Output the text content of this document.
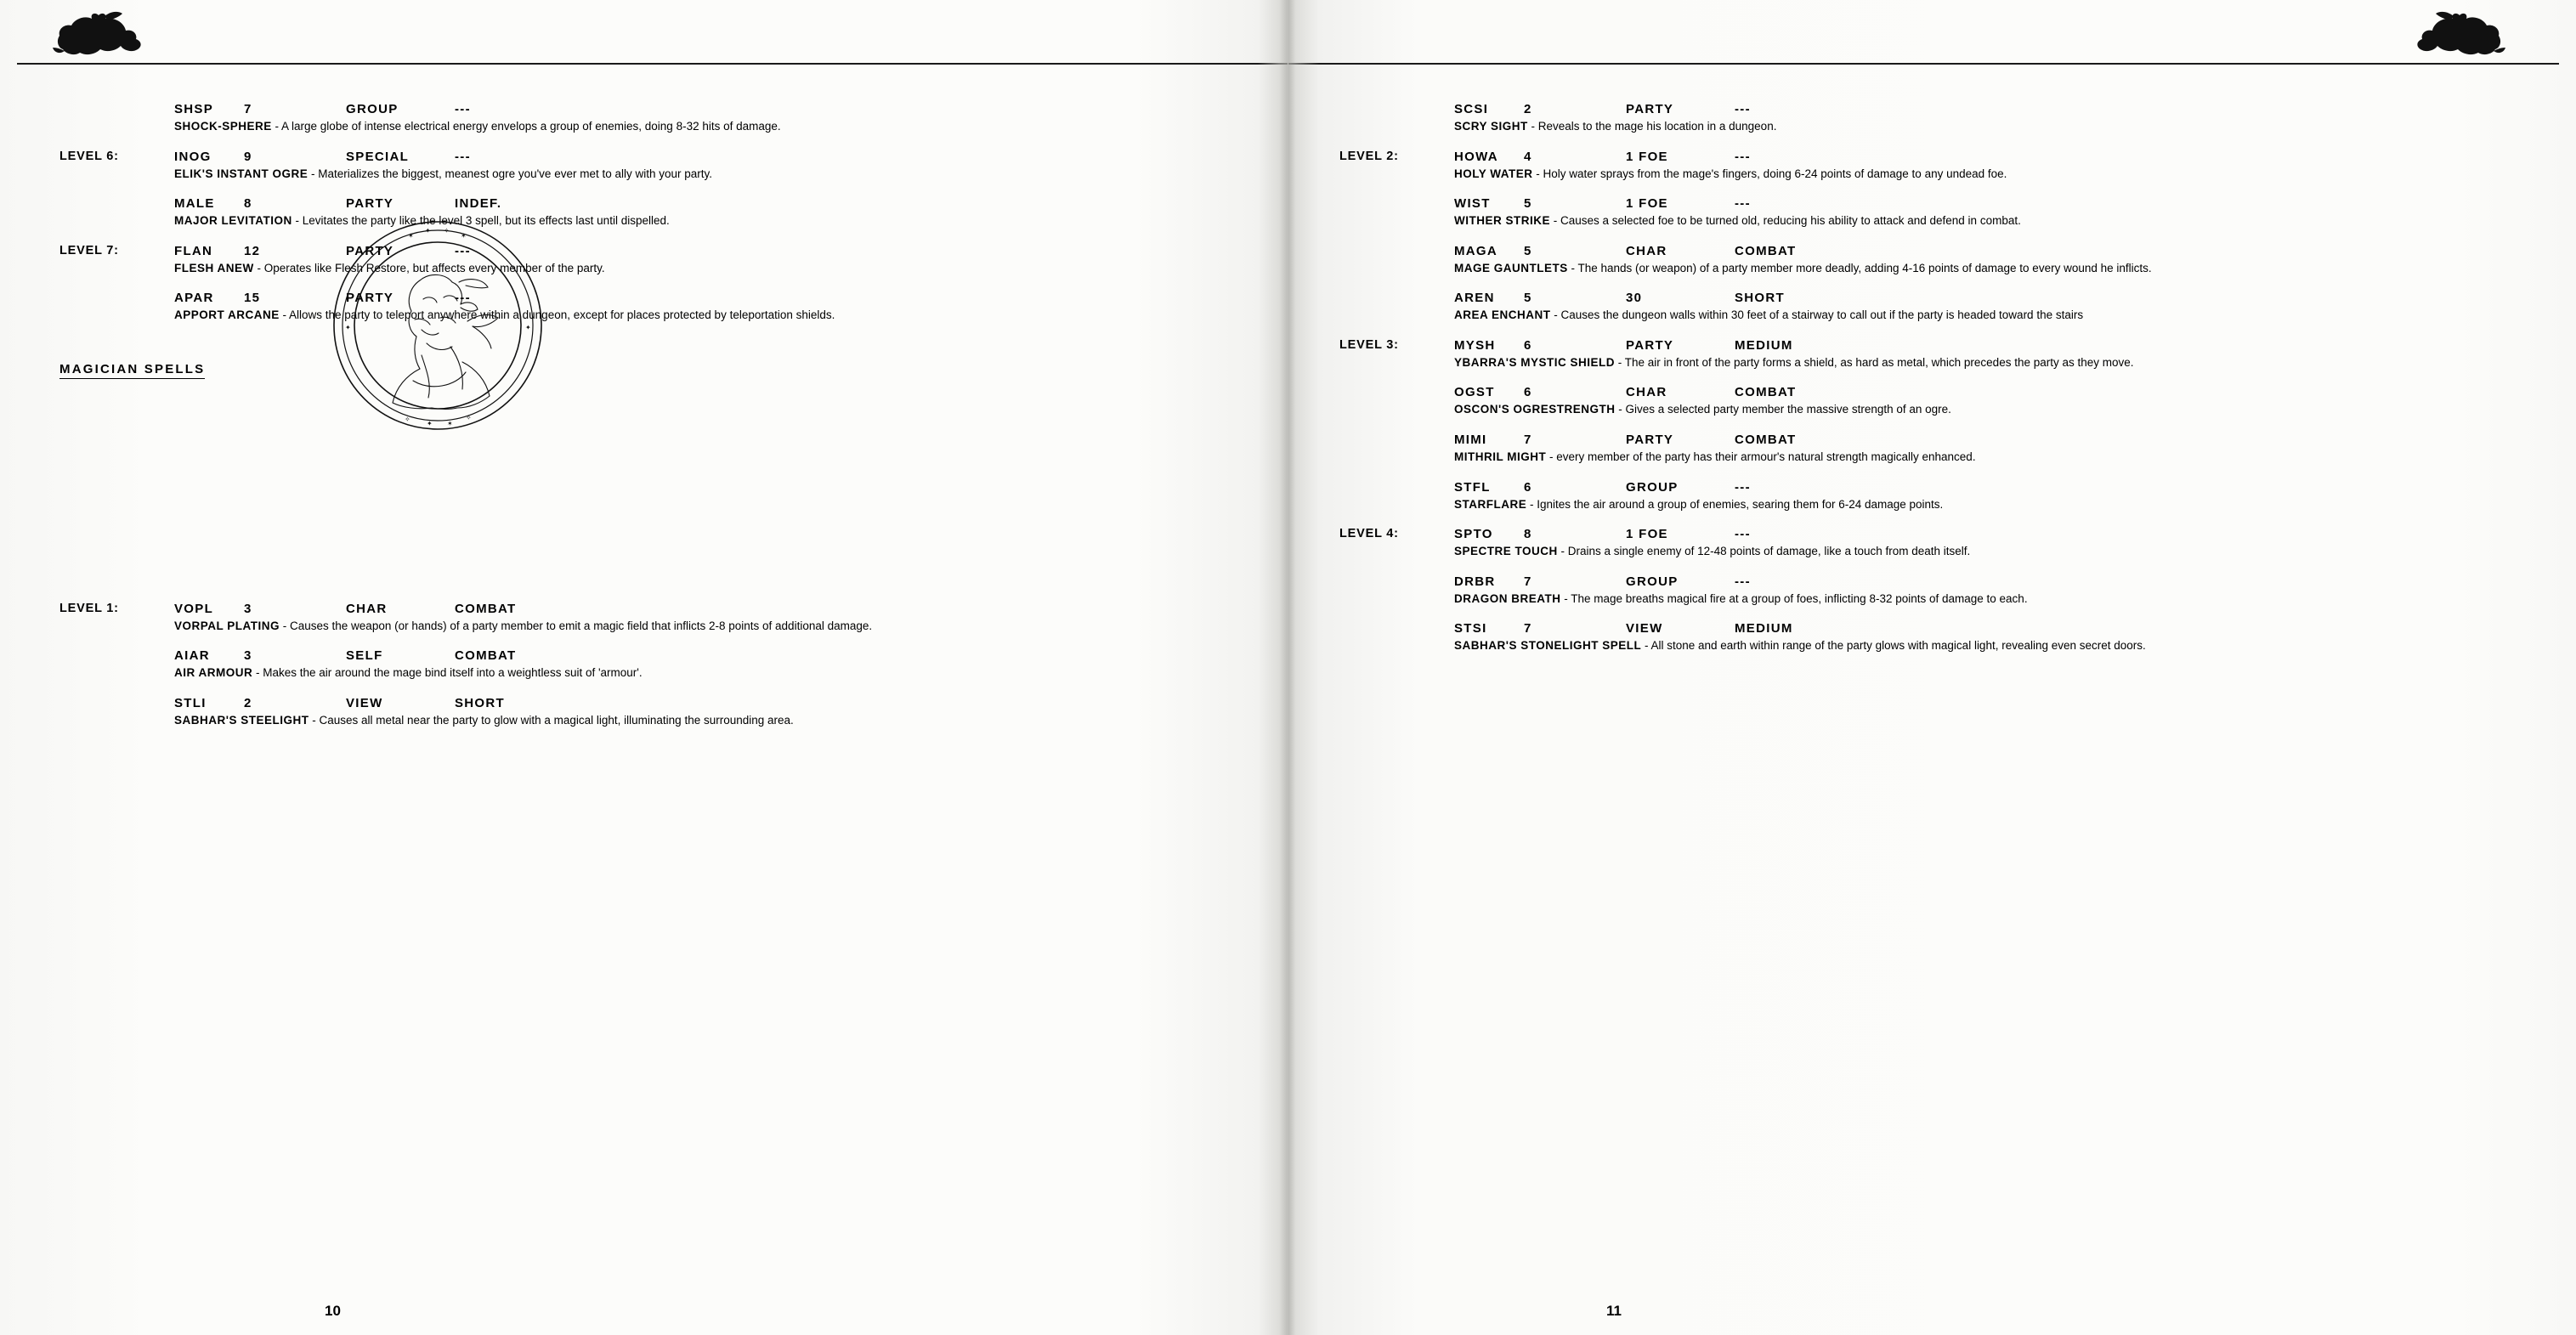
SHSP 7	GROUP	---
SHOCK-SPHERE - A large globe of intense electrical energy envelops a group of enemies, doing 8-32 hits of damage.
LEVEL 6:	INOG	9	SPECIAL	---
ELIK'S INSTANT OGRE - Materializes the biggest, meanest ogre you've ever met to ally with your party.
MALE 8	PARTY	INDEF.
MAJOR LEVITATION - Levitates the party like the level 3 spell, but its effects last until dispelled.
LEVEL 7:	FLAN 12	PARTY	---
FLESH ANEW - Operates like Flesh Restore, but affects every member of the party.
APAR 15	PARTY	---
APPORT ARCANE - Allows the party to teleport anywhere within a dungeon, except for places protected by teleportation shields.
MAGICIAN SPELLS
LEVEL 1:	VOPL 3	CHAR	COMBAT
VORPAL PLATING - Causes the weapon (or hands) of a party member to emit a magic field that inflicts 2-8 points of additional damage.
AIAR	3	SELF	COMBAT
AIR ARMOUR - Makes the air around the mage bind itself into a weightless suit of 'armour'.
STLI	2	VIEW	SHORT
SABHAR'S STEELIGHT - Causes all metal near the party to glow with a magical light, illuminating the surrounding area.
✶
✦ ✧
✶
✧
✦ ✶
✧
✦	✦
10
SCSI	2	PARTY	---
SCRY SIGHT - Reveals to the mage his location in a dungeon.
LEVEL 2:	HOWA 4	1 FOE	---
HOLY WATER - Holy water sprays from the mage's fingers, doing 6-24 points of damage to any undead foe.
WIST	5	1 FOE	---
WITHER STRIKE - Causes a selected foe to be turned old, reducing his ability to attack and defend in combat.
MAGA 5	CHAR	COMBAT
MAGE GAUNTLETS - The hands (or weapon) of a party member more deadly, adding 4-16 points of damage to every wound he inflicts.
AREN 5	30	SHORT
AREA ENCHANT - Causes the dungeon walls within 30 feet of a stairway to call out if the party is headed toward the stairs
LEVEL 3:	MYSH 6	PARTY	MEDIUM
YBARRA'S MYSTIC SHIELD - The air in front of the party forms a shield, as hard as metal, which precedes the party as they move.
OGST 6	CHAR	COMBAT
OSCON'S OGRESTRENGTH - Gives a selected party member the massive strength of an ogre.
MIMI	7	PARTY	COMBAT
MITHRIL MIGHT - every member of the party has their armour's natural strength magically enhanced.
STFL	6	GROUP	---
STARFLARE - Ignites the air around a group of enemies, searing them for 6-24 damage points.
LEVEL 4:	SPTO 8	1 FOE	---
SPECTRE TOUCH - Drains a single enemy of 12-48 points of damage, like a touch from death itself.
DRBR 7	GROUP	---
DRAGON BREATH - The mage breaths magical fire at a group of foes, inflicting 8-32 points of damage to each.
STSI	7	VIEW	MEDIUM
SABHAR'S STONELIGHT SPELL - All stone and earth within range of the party glows with magical light, revealing even secret doors.
11
